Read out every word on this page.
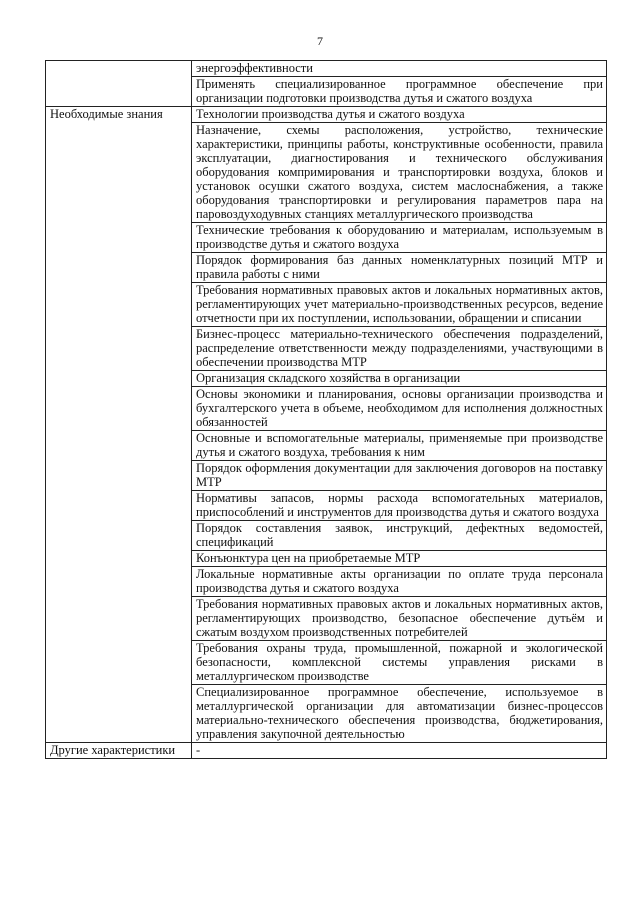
7
	энергоэффективности
	Применять специализированное программное обеспечение при организации подготовки производства дутья и сжатого воздуха
Необходимые знания	Технологии производства дутья и сжатого воздуха
	Назначение, схемы расположения, устройство, технические характеристики, принципы работы, конструктивные особенности, правила эксплуатации, диагностирования и технического обслуживания оборудования компримирования и транспортировки воздуха, блоков и установок осушки сжатого воздуха, систем маслоснабжения, а также оборудования транспортировки и регулирования параметров пара на паровоздуходувных станциях металлургического производства
	Технические требования к оборудованию и материалам, используемым в производстве дутья и сжатого воздуха
	Порядок формирования баз данных номенклатурных позиций МТР и правила работы с ними
	Требования нормативных правовых актов и локальных нормативных актов, регламентирующих учет материально-производственных ресурсов, ведение отчетности при их поступлении, использовании, обращении и списании
	Бизнес-процесс материально-технического обеспечения подразделений, распределение ответственности между подразделениями, участвующими в обеспечении производства МТР
	Организация складского хозяйства в организации
	Основы экономики и планирования, основы организации производства и бухгалтерского учета в объеме, необходимом для исполнения должностных обязанностей
	Основные и вспомогательные материалы, применяемые при производстве дутья и сжатого воздуха, требования к ним
	Порядок оформления документации для заключения договоров на поставку МТР
	Нормативы запасов, нормы расхода вспомогательных материалов, приспособлений и инструментов для производства дутья и сжатого воздуха
	Порядок составления заявок, инструкций, дефектных ведомостей, спецификаций
	Конъюнктура цен на приобретаемые МТР
	Локальные нормативные акты организации по оплате труда персонала производства дутья и сжатого воздуха
	Требования нормативных правовых актов и локальных нормативных актов, регламентирующих производство, безопасное обеспечение дутьём и сжатым воздухом производственных потребителей
	Требования охраны труда, промышленной, пожарной и экологической безопасности, комплексной системы управления рисками в металлургическом производстве
	Специализированное программное обеспечение, используемое в металлургической организации для автоматизации бизнес-процессов материально-технического обеспечения производства, бюджетирования, управления закупочной деятельностью
Другие характеристики	-
